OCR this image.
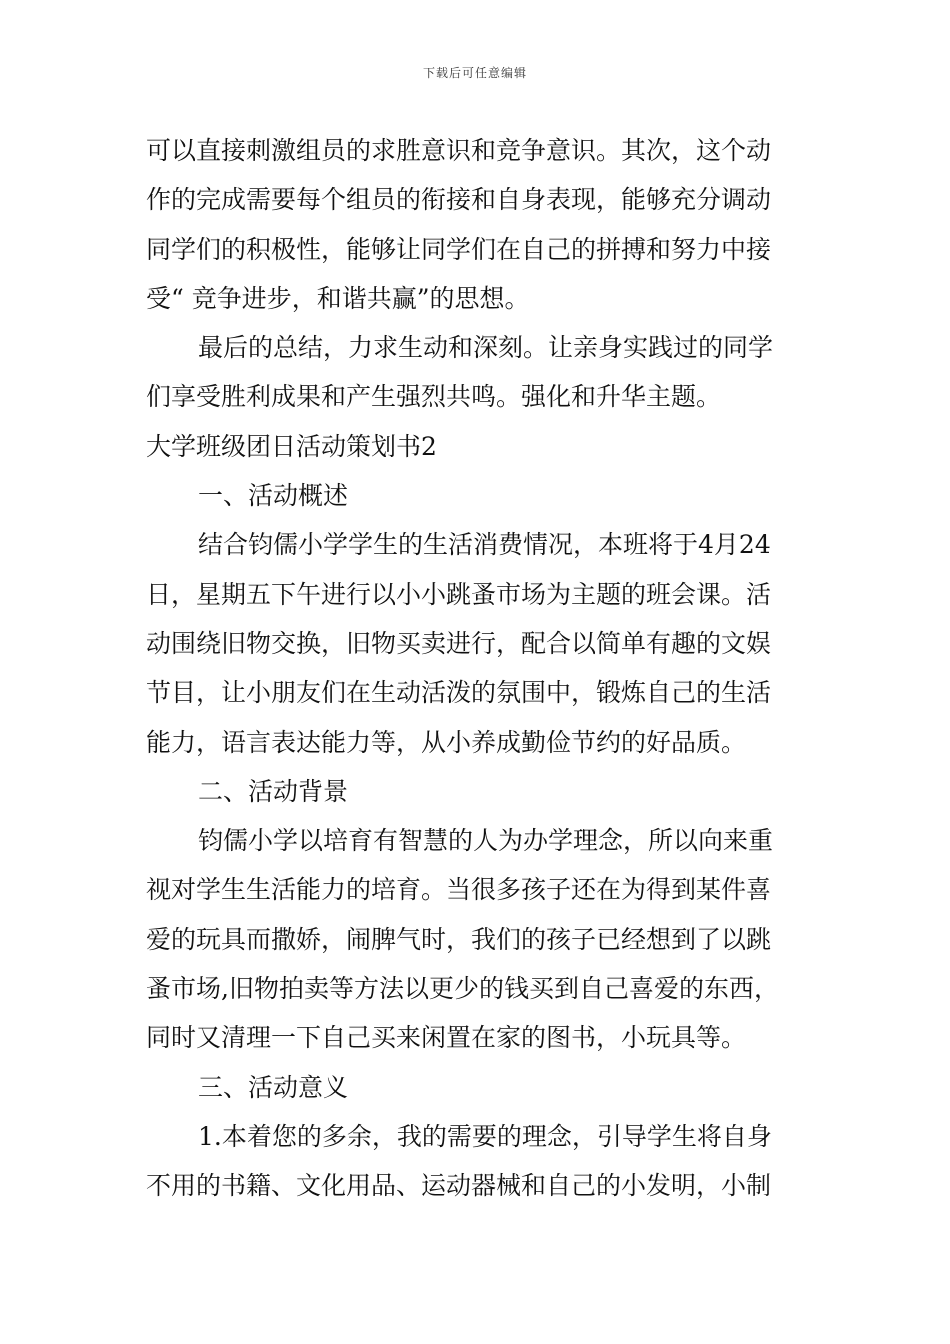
下载后可任意编辑
可以直接刺激组员的求胜意识和竞争意识。其次，这个动
作的完成需要每个组员的衔接和自身表现，能够充分调动
同学们的积极性，能够让同学们在自己的拼搏和努力中接
受“ 竞争进步，和谐共赢”的思想。
最后的总结，力求生动和深刻。让亲身实践过的同学
们享受胜利成果和产生强烈共鸣。强化和升华主题。
大学班级团日活动策划书2
一、活动概述
结合钧儒小学学生的生活消费情况，本班将于4月24
日，星期五下午进行以小小跳蚤市场为主题的班会课。活
动围绕旧物交换，旧物买卖进行，配合以简单有趣的文娱
节目，让小朋友们在生动活泼的氛围中，锻炼自己的生活
能力，语言表达能力等，从小养成勤俭节约的好品质。
二、活动背景
钧儒小学以培育有智慧的人为办学理念，所以向来重
视对学生生活能力的培育。当很多孩子还在为得到某件喜
爱的玩具而撒娇，闹脾气时，我们的孩子已经想到了以跳
蚤市场,旧物拍卖等方法以更少的钱买到自己喜爱的东西，
同时又清理一下自己买来闲置在家的图书，小玩具等。
三、活动意义
1.本着您的多余，我的需要的理念，引导学生将自身
不用的书籍、文化用品、运动器械和自己的小发明，小制
